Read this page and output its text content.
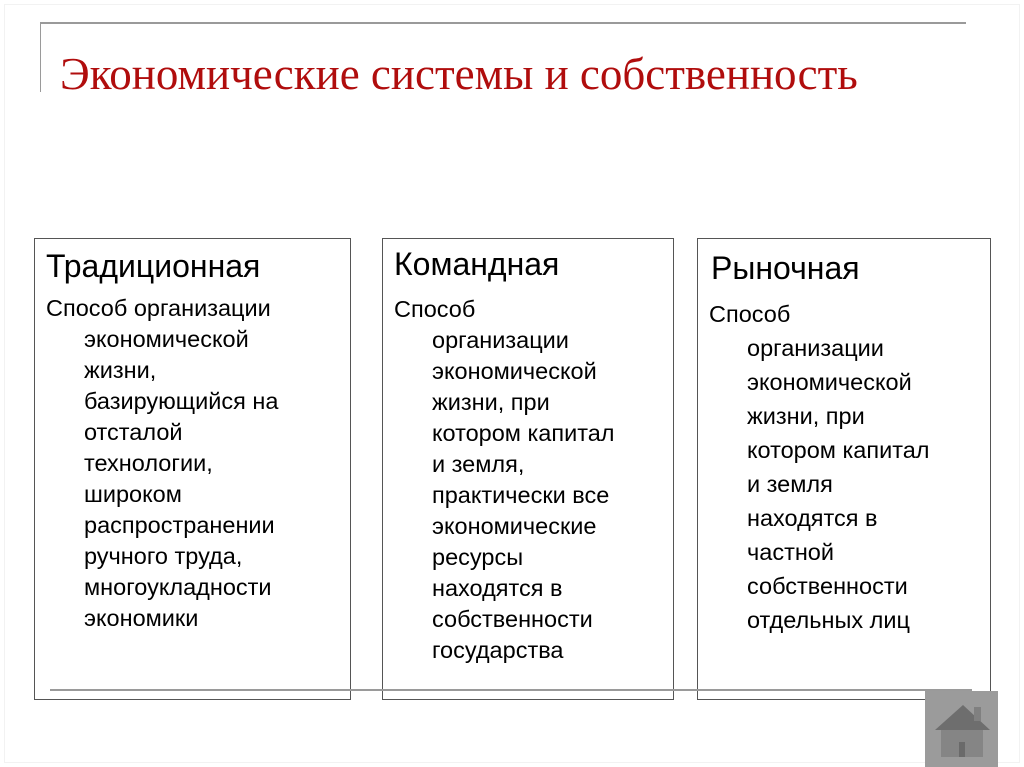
Экономические системы и собственность
Традиционная

Способ организации
экономической
жизни,
базирующийся на
отсталой
технологии,
широком
распространении
ручного труда,
многоукладности
экономики

Командная

Способ
организации
экономической
жизни, при
котором капитал
и земля,
практически все
экономические
ресурсы
находятся в
собственности
государства

Рыночная

Способ
организации
экономической
жизни, при
котором капитал
и земля
находятся в
частной
собственности
отдельных лиц
